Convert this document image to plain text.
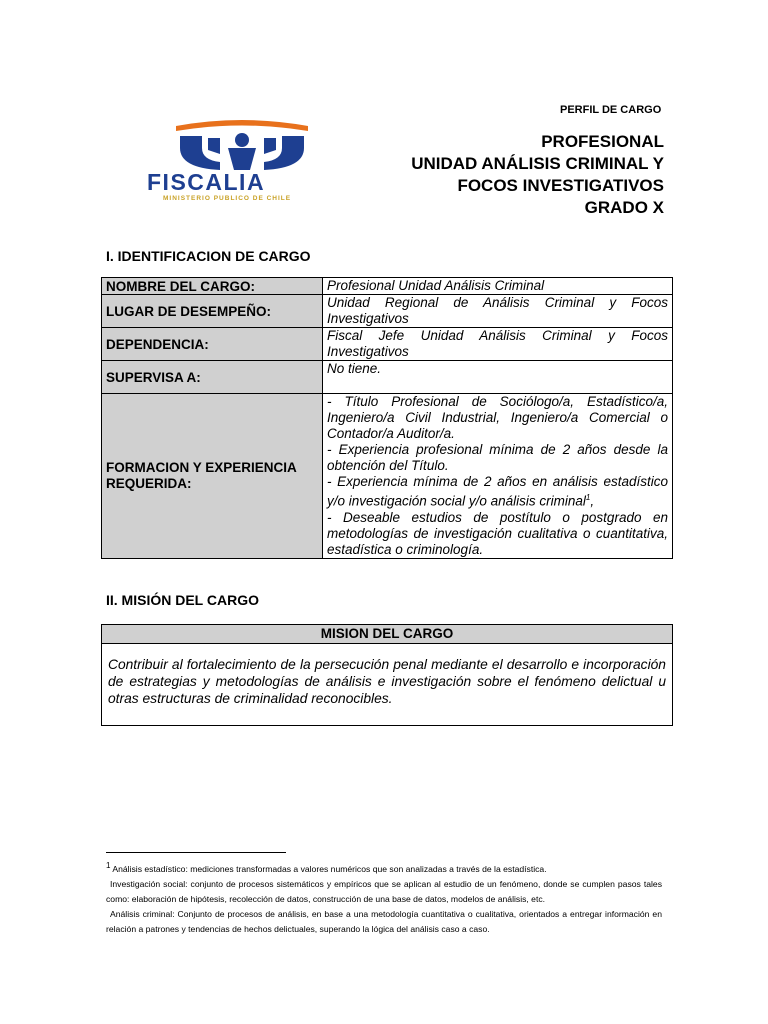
PERFIL DE CARGO
PROFESIONAL
UNIDAD ANÁLISIS CRIMINAL Y
FOCOS INVESTIGATIVOS
GRADO X
FISCALIA
MINISTERIO PUBLICO DE CHILE
I. IDENTIFICACION DE CARGO
NOMBRE DEL CARGO:	Profesional Unidad Análisis Criminal
LUGAR DE DESEMPEÑO:	Unidad Regional de Análisis Criminal y Focos Investigativos
DEPENDENCIA:	Fiscal Jefe Unidad Análisis Criminal y Focos Investigativos
SUPERVISA A:	No tiene.
FORMACION Y EXPERIENCIA REQUERIDA:	- Título Profesional de Sociólogo/a, Estadístico/a, Ingeniero/a Civil Industrial, Ingeniero/a Comercial o Contador/a Auditor/a.
- Experiencia profesional mínima de 2 años desde la obtención del Título.
- Experiencia mínima de 2 años en análisis estadístico y/o investigación social y/o análisis criminal$^1$,
- Deseable estudios de postítulo o postgrado en metodologías de investigación cualitativa o cuantitativa, estadística o criminología.
II. MISIÓN DEL CARGO
MISION DEL CARGO
Contribuir al fortalecimiento de la persecución penal mediante el desarrollo e incorporación de estrategias y metodologías de análisis e investigación sobre el fenómeno delictual u otras estructuras de criminalidad reconocibles.

$^1$ Análisis estadístico: mediciones transformadas a valores numéricos que son analizadas a través de la estadística.

Investigación social: conjunto de procesos sistemáticos y empíricos que se aplican al estudio de un fenómeno, donde se cumplen pasos tales como: elaboración de hipótesis, recolección de datos, construcción de una base de datos, modelos de análisis, etc.

Análisis criminal: Conjunto de procesos de análisis, en base a una metodología cuantitativa o cualitativa, orientados a entregar información en relación a patrones y tendencias de hechos delictuales, superando la lógica del análisis caso a caso.
